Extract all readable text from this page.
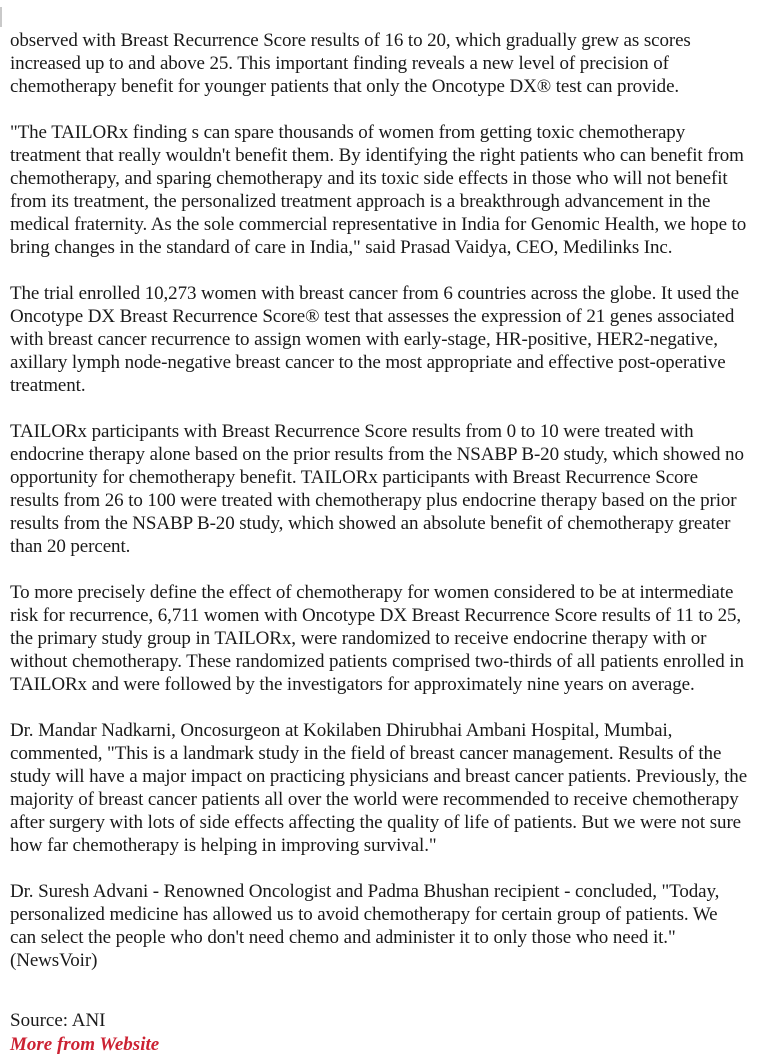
observed with Breast Recurrence Score results of 16 to 20, which gradually grew as scores increased up to and above 25. This important finding reveals a new level of precision of chemotherapy benefit for younger patients that only the Oncotype DX® test can provide.

"The TAILORx finding s can spare thousands of women from getting toxic chemotherapy treatment that really wouldn't benefit them. By identifying the right patients who can benefit from chemotherapy, and sparing chemotherapy and its toxic side effects in those who will not benefit from its treatment, the personalized treatment approach is a breakthrough advancement in the medical fraternity. As the sole commercial representative in India for Genomic Health, we hope to bring changes in the standard of care in India," said Prasad Vaidya, CEO, Medilinks Inc.

The trial enrolled 10,273 women with breast cancer from 6 countries across the globe. It used the Oncotype DX Breast Recurrence Score® test that assesses the expression of 21 genes associated with breast cancer recurrence to assign women with early-stage, HR-positive, HER2-negative, axillary lymph node-negative breast cancer to the most appropriate and effective post-operative treatment.

TAILORx participants with Breast Recurrence Score results from 0 to 10 were treated with endocrine therapy alone based on the prior results from the NSABP B-20 study, which showed no opportunity for chemotherapy benefit. TAILORx participants with Breast Recurrence Score results from 26 to 100 were treated with chemotherapy plus endocrine therapy based on the prior results from the NSABP B-20 study, which showed an absolute benefit of chemotherapy greater than 20 percent.

To more precisely define the effect of chemotherapy for women considered to be at intermediate risk for recurrence, 6,711 women with Oncotype DX Breast Recurrence Score results of 11 to 25, the primary study group in TAILORx, were randomized to receive endocrine therapy with or without chemotherapy. These randomized patients comprised two-thirds of all patients enrolled in TAILORx and were followed by the investigators for approximately nine years on average.

Dr. Mandar Nadkarni, Oncosurgeon at Kokilaben Dhirubhai Ambani Hospital, Mumbai, commented, "This is a landmark study in the field of breast cancer management. Results of the study will have a major impact on practicing physicians and breast cancer patients. Previously, the majority of breast cancer patients all over the world were recommended to receive chemotherapy after surgery with lots of side effects affecting the quality of life of patients. But we were not sure how far chemotherapy is helping in improving survival."

Dr. Suresh Advani - Renowned Oncologist and Padma Bhushan recipient - concluded, "Today, personalized medicine has allowed us to avoid chemotherapy for certain group of patients. We can select the people who don't need chemo and administer it to only those who need it." (NewsVoir)

Source: ANI

More from Website
